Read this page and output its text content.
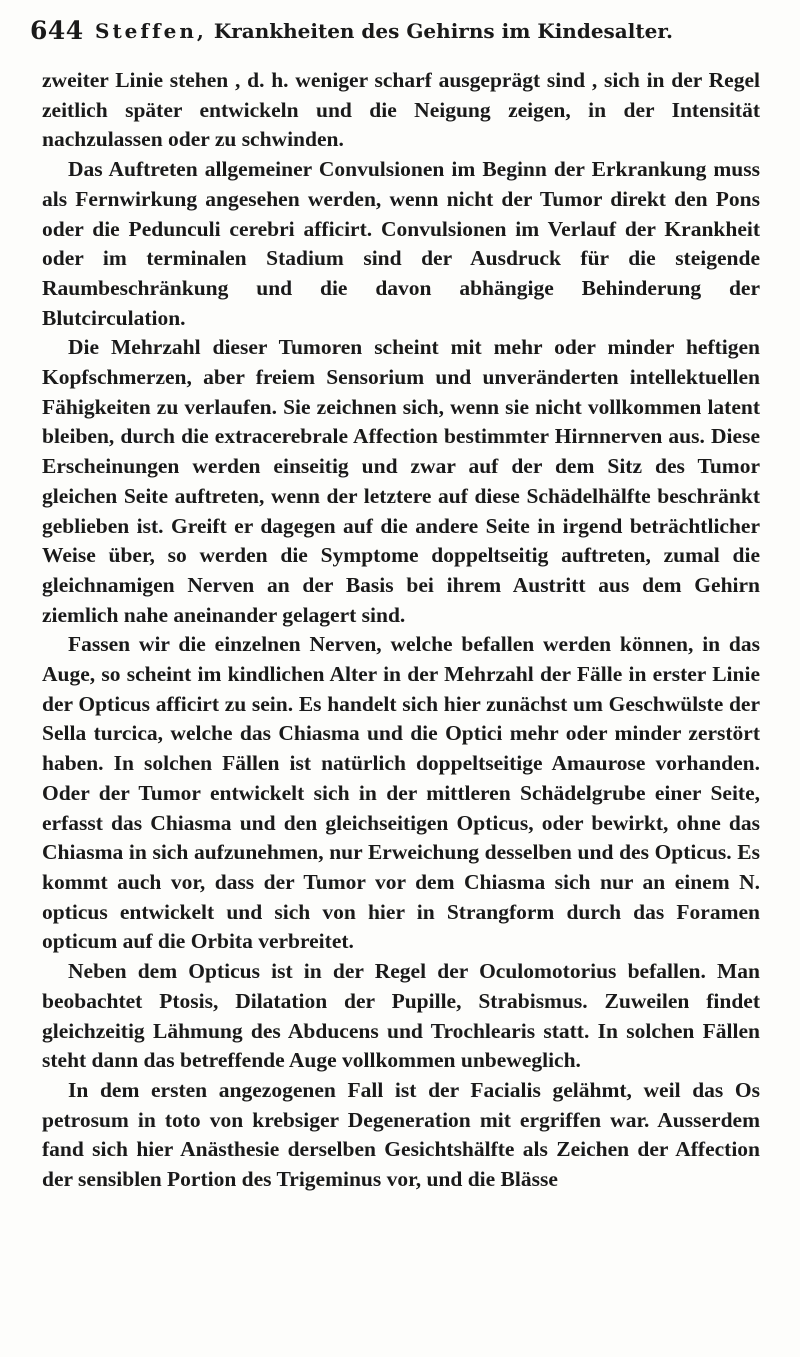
644 Steffen, Krankheiten des Gehirns im Kindesalter.

zweiter Linie stehen , d. h. weniger scharf ausgeprägt sind , sich in der Regel zeitlich später entwickeln und die Neigung zeigen, in der Intensität nachzulassen oder zu schwinden.

Das Auftreten allgemeiner Convulsionen im Beginn der Erkrankung muss als Fernwirkung angesehen werden, wenn nicht der Tumor direkt den Pons oder die Pedunculi cerebri afficirt. Convulsionen im Verlauf der Krankheit oder im terminalen Stadium sind der Ausdruck für die steigende Raumbeschränkung und die davon abhängige Behinderung der Blutcirculation.

Die Mehrzahl dieser Tumoren scheint mit mehr oder minder heftigen Kopfschmerzen, aber freiem Sensorium und unveränderten intellektuellen Fähigkeiten zu verlaufen. Sie zeichnen sich, wenn sie nicht vollkommen latent bleiben, durch die extracerebrale Affection bestimmter Hirnnerven aus. Diese Erscheinungen werden einseitig und zwar auf der dem Sitz des Tumor gleichen Seite auftreten, wenn der letztere auf diese Schädelhälfte beschränkt geblieben ist. Greift er dagegen auf die andere Seite in irgend beträchtlicher Weise über, so werden die Symptome doppeltseitig auftreten, zumal die gleichnamigen Nerven an der Basis bei ihrem Austritt aus dem Gehirn ziemlich nahe aneinander gelagert sind.

Fassen wir die einzelnen Nerven, welche befallen werden können, in das Auge, so scheint im kindlichen Alter in der Mehrzahl der Fälle in erster Linie der Opticus afficirt zu sein. Es handelt sich hier zunächst um Geschwülste der Sella turcica, welche das Chiasma und die Optici mehr oder minder zerstört haben. In solchen Fällen ist natürlich doppeltseitige Amaurose vorhanden. Oder der Tumor entwickelt sich in der mittleren Schädelgrube einer Seite, erfasst das Chiasma und den gleichseitigen Opticus, oder bewirkt, ohne das Chiasma in sich aufzunehmen, nur Erweichung desselben und des Opticus. Es kommt auch vor, dass der Tumor vor dem Chiasma sich nur an einem N. opticus entwickelt und sich von hier in Strangform durch das Foramen opticum auf die Orbita verbreitet.

Neben dem Opticus ist in der Regel der Oculomotorius befallen. Man beobachtet Ptosis, Dilatation der Pupille, Strabismus. Zuweilen findet gleichzeitig Lähmung des Abducens und Trochlearis statt. In solchen Fällen steht dann das betreffende Auge vollkommen unbeweglich.

In dem ersten angezogenen Fall ist der Facialis gelähmt, weil das Os petrosum in toto von krebsiger Degeneration mit ergriffen war. Ausserdem fand sich hier Anästhesie derselben Gesichtshälfte als Zeichen der Affection der sensiblen Portion des Trigeminus vor, und die Blässe
